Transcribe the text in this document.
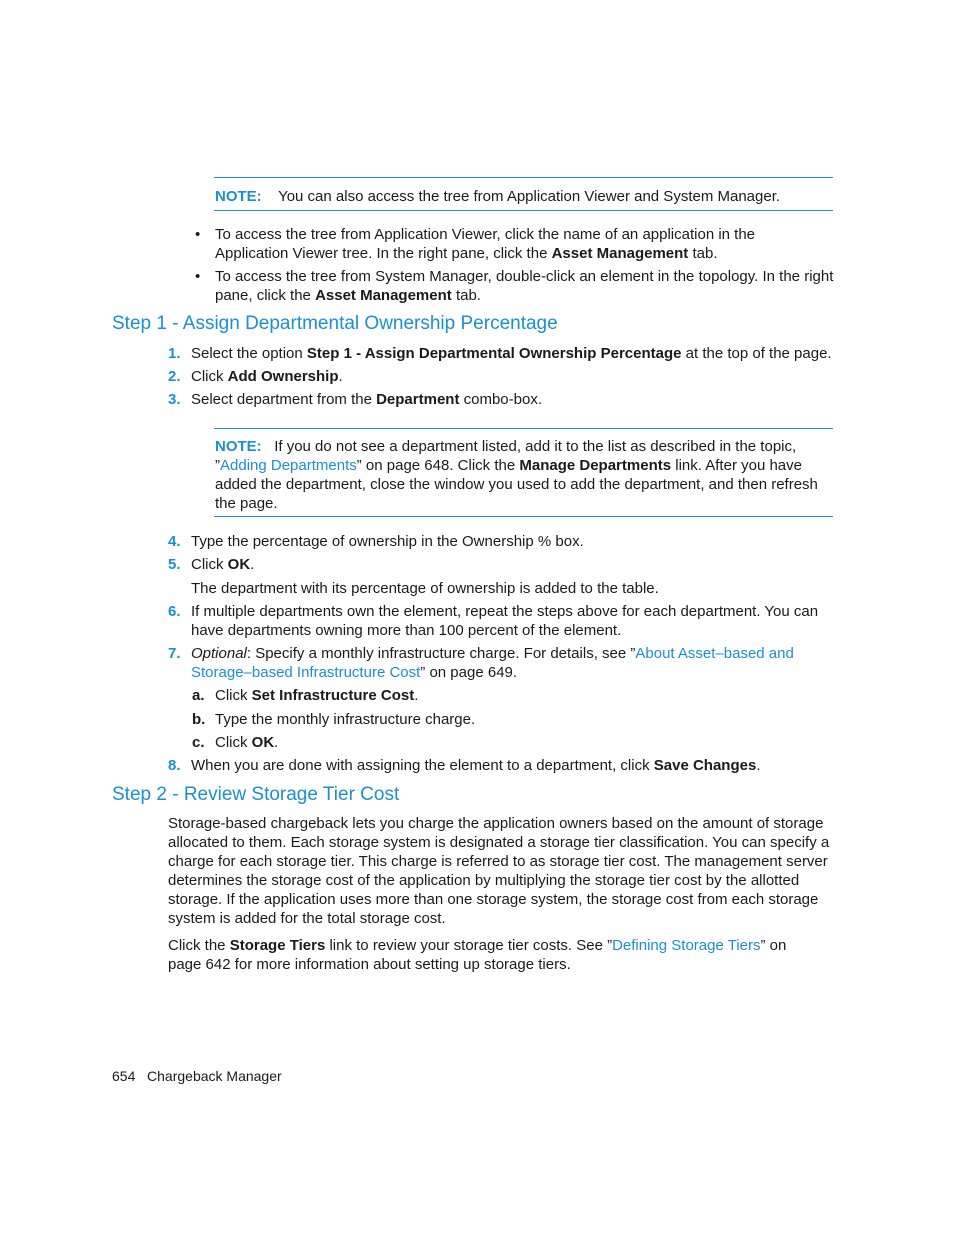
NOTE: You can also access the tree from Application Viewer and System Manager.
• To access the tree from Application Viewer, click the name of an application in the
Application Viewer tree. In the right pane, click the Asset Management tab.
• To access the tree from System Manager, double-click an element in the topology. In the right
pane, click the Asset Management tab.
Step 1 - Assign Departmental Ownership Percentage
1. Select the option Step 1 - Assign Departmental Ownership Percentage at the top of the page.
2. Click Add Ownership.
3. Select department from the Department combo-box.
NOTE: If you do not see a department listed, add it to the list as described in the topic,
”Adding Departments” on page 648. Click the Manage Departments link. After you have
added the department, close the window you used to add the department, and then refresh
the page.
4. Type the percentage of ownership in the Ownership % box.
5. Click OK.
The department with its percentage of ownership is added to the table.
6. If multiple departments own the element, repeat the steps above for each department. You can
have departments owning more than 100 percent of the element.
7. Optional: Specify a monthly infrastructure charge. For details, see ”About Asset–based and
Storage–based Infrastructure Cost” on page 649.
a. Click Set Infrastructure Cost.
b. Type the monthly infrastructure charge.
c. Click OK.
8. When you are done with assigning the element to a department, click Save Changes.
Step 2 - Review Storage Tier Cost
Storage-based chargeback lets you charge the application owners based on the amount of storage
allocated to them. Each storage system is designated a storage tier classification. You can specify a
charge for each storage tier. This charge is referred to as storage tier cost. The management server
determines the storage cost of the application by multiplying the storage tier cost by the allotted
storage. If the application uses more than one storage system, the storage cost from each storage
system is added for the total storage cost.
Click the Storage Tiers link to review your storage tier costs. See ”Defining Storage Tiers” on
page 642 for more information about setting up storage tiers.
654 Chargeback Manager
